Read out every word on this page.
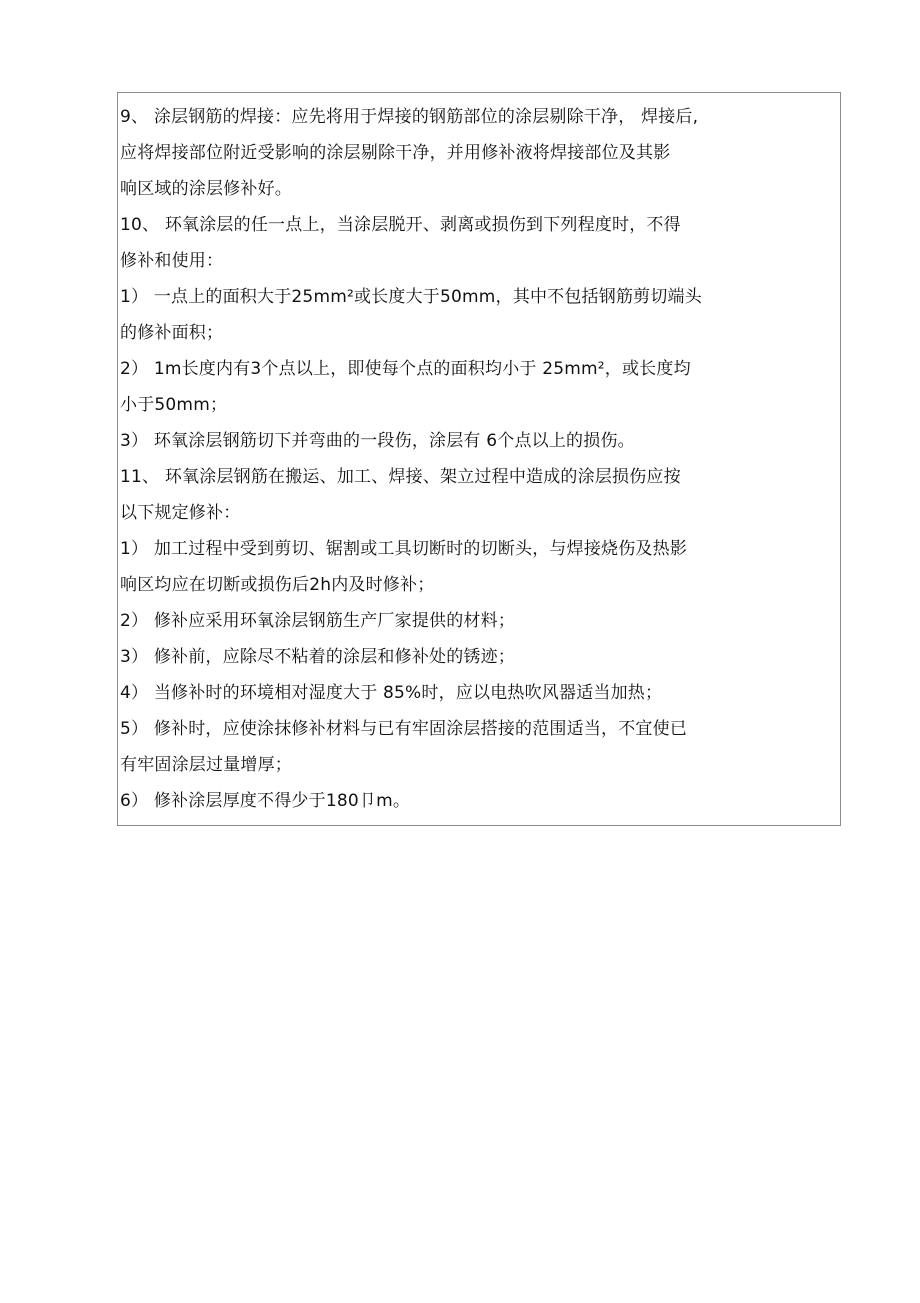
9、 涂层钢筋的焊接：应先将用于焊接的钢筋部位的涂层剔除干净， 焊接后,
应将焊接部位附近受影响的涂层剔除干净，并用修补液将焊接部位及其影
响区域的涂层修补好。
10、 环氧涂层的任一点上，当涂层脱开、剥离或损伤到下列程度时，不得
修补和使用：
1） 一点上的面积大于25mm²或长度大于50mm，其中不包括钢筋剪切端头
的修补面积；
2） 1m长度内有3个点以上，即使每个点的面积均小于 25mm²，或长度均
小于50mm；
3） 环氧涂层钢筋切下并弯曲的一段伤，涂层有 6个点以上的损伤。
11、 环氧涂层钢筋在搬运、加工、焊接、架立过程中造成的涂层损伤应按
以下规定修补：
1） 加工过程中受到剪切、锯割或工具切断时的切断头，与焊接烧伤及热影
响区均应在切断或损伤后2h内及时修补；
2） 修补应采用环氧涂层钢筋生产厂家提供的材料；
3） 修补前，应除尽不粘着的涂层和修补处的锈迹；
4） 当修补时的环境相对湿度大于 85%时，应以电热吹风器适当加热；
5） 修补时，应使涂抹修补材料与已有牢固涂层搭接的范围适当，不宜使已
有牢固涂层过量增厚；
6） 修补涂层厚度不得少于180卩m。
